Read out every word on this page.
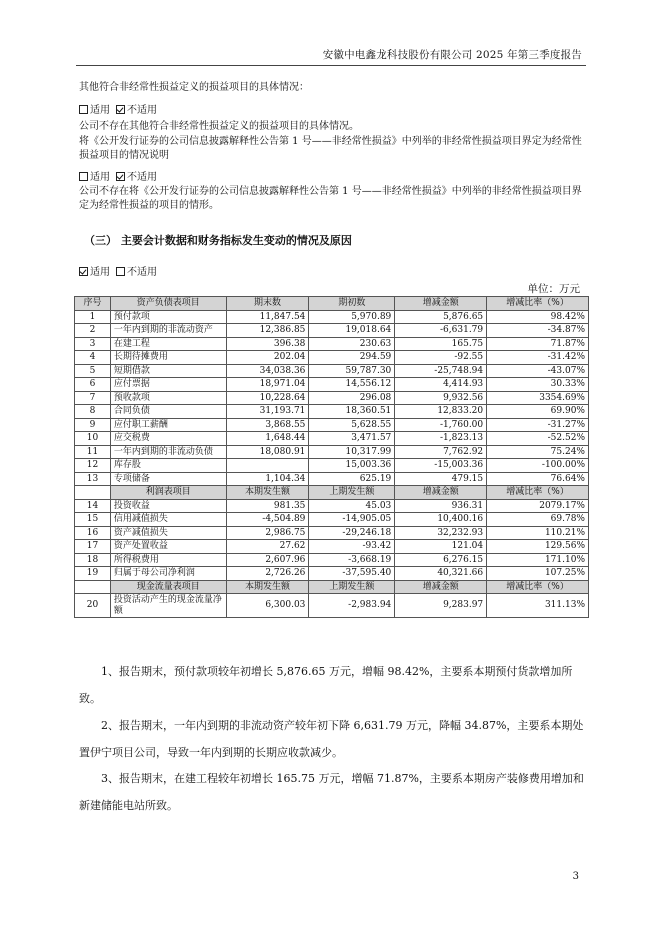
安徽中电鑫龙科技股份有限公司 2025 年第三季度报告
其他符合非经常性损益定义的损益项目的具体情况：
适用 不适用
公司不存在其他符合非经常性损益定义的损益项目的具体情况。
将《公开发行证券的公司信息披露解释性公告第 1 号——非经常性损益》中列举的非经常性损益项目界定为经常性损益项目的情况说明
适用 不适用
公司不存在将《公开发行证券的公司信息披露解释性公告第 1 号——非经常性损益》中列举的非经常性损益项目界定为经常性损益的项目的情形。
（三） 主要会计数据和财务指标发生变动的情况及原因
适用 不适用
单位：万元
序号	资产负债表项目	期末数	期初数	增减金额	增减比率（%）
1	预付款项	11,847.54	5,970.89	5,876.65	98.42%
2	一年内到期的非流动资产	12,386.85	19,018.64	-6,631.79	-34.87%
3	在建工程	396.38	230.63	165.75	71.87%
4	长期待摊费用	202.04	294.59	-92.55	-31.42%
5	短期借款	34,038.36	59,787.30	-25,748.94	-43.07%
6	应付票据	18,971.04	14,556.12	4,414.93	30.33%
7	预收款项	10,228.64	296.08	9,932.56	3354.69%
8	合同负债	31,193.71	18,360.51	12,833.20	69.90%
9	应付职工薪酬	3,868.55	5,628.55	-1,760.00	-31.27%
10	应交税费	1,648.44	3,471.57	-1,823.13	-52.52%
11	一年内到期的非流动负债	18,080.91	10,317.99	7,762.92	75.24%
12	库存股		15,003.36	-15,003.36	-100.00%
13	专项储备	1,104.34	625.19	479.15	76.64%
	利润表项目	本期发生额	上期发生额	增减金额	增减比率（%）
14	投资收益	981.35	45.03	936.31	2079.17%
15	信用减值损失	-4,504.89	-14,905.05	10,400.16	69.78%
16	资产减值损失	2,986.75	-29,246.18	32,232.93	110.21%
17	资产处置收益	27.62	-93.42	121.04	129.56%
18	所得税费用	2,607.96	-3,668.19	6,276.15	171.10%
19	归属于母公司净利润	2,726.26	-37,595.40	40,321.66	107.25%
	现金流量表项目	本期发生额	上期发生额	增减金额	增减比率（%）
20	投资活动产生的现金流量净额	6,300.03	-2,983.94	9,283.97	311.13%
1、报告期末，预付款项较年初增长 5,876.65 万元，增幅 98.42%，主要系本期预付货款增加所致。
2、报告期末，一年内到期的非流动资产较年初下降 6,631.79 万元，降幅 34.87%，主要系本期处置伊宁项目公司，导致一年内到期的长期应收款减少。
3、报告期末，在建工程较年初增长 165.75 万元，增幅 71.87%，主要系本期房产装修费用增加和新建储能电站所致。
3
